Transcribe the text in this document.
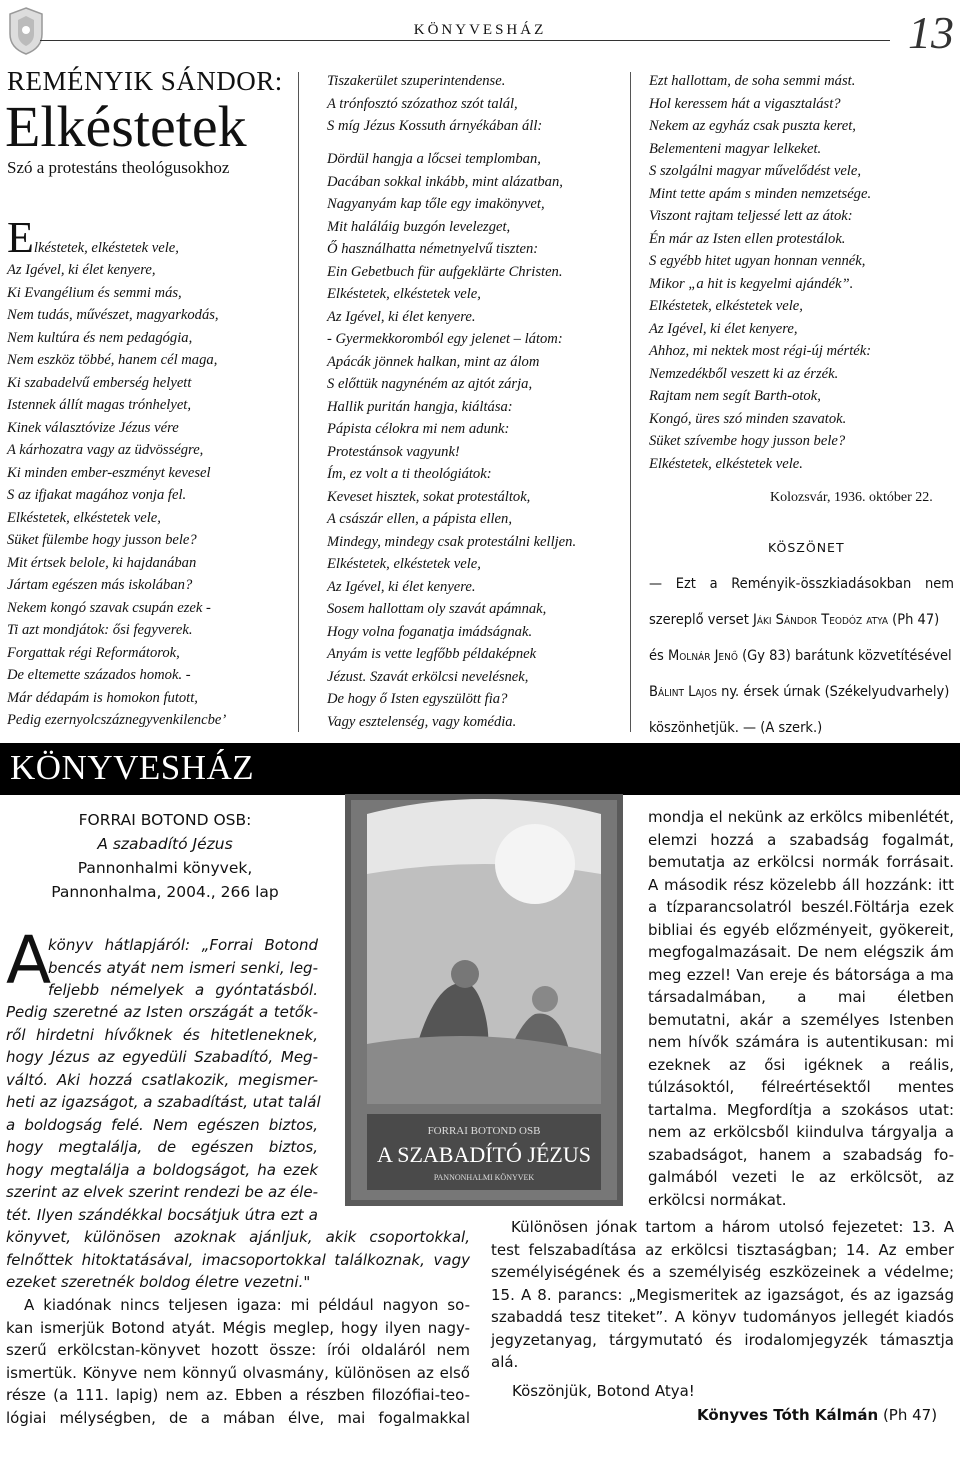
KÖNYVESHÁZ	13
REMÉNYIK SÁNDOR:
Elkéstetek
Szó a protestáns theológusokhoz
Elkéstetek, elkéstetek vele,
Az Igével, ki élet kenyere,
Ki Evangélium és semmi más,
Nem tudás, művészet, magyarkodás,
Nem kultúra és nem pedagógia,
Nem eszköz többé, hanem cél maga,
Ki szabadelvű emberség helyett
Istennek állít magas trónhelyet,
Kinek választóvize Jézus vére
A kárhozatra vagy az üdvösségre,
Ki minden ember-eszményt kevesel
S az ifjakat magához vonja fel.
Elkéstetek, elkéstetek vele,
Süket fülembe hogy jusson bele?
Mit értsek belole, ki hajdanában
Jártam egészen más iskolában?
Nekem kongó szavak csupán ezek -
Ti azt mondjátok: ősi fegyverek.
Forgattak régi Reformátorok,
De eltemette százados homok. -
Már dédapám is homokon futott,
Pedig ezernyolcszáznegyvenkilencbe’
Tiszakerület szuperintendense.
A trónfosztó szózathoz szót talál,
S míg Jézus Kossuth árnyékában áll:
Dördül hangja a lőcsei templomban,
Dacában sokkal inkább, mint alázatban,
Nagyanyám kap tőle egy imakönyvet,
Mit haláláig buzgón levelezget,
Ő használhatta németnyelvű tiszten:
Ein Gebetbuch für aufgeklärte Christen.
Elkéstetek, elkéstetek vele,
Az Igével, ki élet kenyere.
- Gyermekkoromból egy jelenet – látom:
Apácák jönnek halkan, mint az álom
S előttük nagynéném az ajtót zárja,
Hallik puritán hangja, kiáltása:
Pápista célokra mi nem adunk:
Protestánsok vagyunk!
Ím, ez volt a ti theológiátok:
Keveset hisztek, sokat protestáltok,
A császár ellen, a pápista ellen,
Mindegy, mindegy csak protestálni kelljen.
Elkéstetek, elkéstetek vele,
Az Igével, ki élet kenyere.
Sosem hallottam oly szavát apámnak,
Hogy volna foganatja imádságnak.
Anyám is vette legfőbb példaképnek
Jézust. Szavát erkölcsi nevelésnek,
De hogy ő Isten egyszülött fia?
Vagy esztelenség, vagy komédia.
Ezt hallottam, de soha semmi mást.
Hol keressem hát a vigasztalást?
Nekem az egyház csak puszta keret,
Belementeni magyar lelkeket.
S szolgálni magyar művelődést vele,
Mint tette apám s minden nemzetsége.
Viszont rajtam teljessé lett az átok:
Én már az Isten ellen protestálok.
S egyébb hitet ugyan honnan vennék,
Mikor „a hit is kegyelmi ajándék”.
Elkéstetek, elkéstetek vele,
Az Igével, ki élet kenyere,
Ahhoz, mi nektek most régi-új mérték:
Nemzedékből veszett ki az érzék.
Rajtam nem segít Barth-otok,
Kongó, üres szó minden szavatok.
Süket szívembe hogy jusson bele?
Elkéstetek, elkéstetek vele.
Kolozsvár, 1936. október 22.
KÖSZÖNET
— Ezt a Reményik-összkiadásokban nem
szereplő verset Jáki Sándor Teodóz atya (Ph 47)
és Molnár Jenő (Gy 83) barátunk közvetítésével
Bálint Lajos ny. érsek úrnak (Székelyudvarhely)
köszönhetjük. — (A szerk.)
KÖNYVESHÁZ
FORRAI BOTOND OSB:
A szabadító Jézus
Pannonhalmi könyvek,
Pannonhalma, 2004., 266 lap
FORRAI BOTOND OSB
A SZABADÍTÓ JÉZUS
PANNONHALMI KÖNYVEK
A
könyv hátlapjáról: „Forrai Botond
bencés atyát nem ismeri senki, leg-
feljebb némelyek a gyóntatásból.
Pedig szeretné az Isten országát a tetők-
ről hirdetni hívőknek és hitetleneknek,
hogy Jézus az egyedüli Szabadító, Meg-
váltó. Aki hozzá csatlakozik, megismer-
heti az igazságot, a szabadítást, utat talál
a boldogság felé. Nem egészen biztos,
hogy megtalálja, de egészen biztos,
hogy megtalálja a boldogságot, ha ezek
szerint az elvek szerint rendezi be az éle-
tét. Ilyen szándékkal bocsátjuk útra ezt a
könyvet, különösen azoknak ajánljuk, akik csoportokkal,
felnőttek hitoktatásával, imacsoportokkal találkoznak, vagy
ezeket szeretnék boldog életre vezetni."
A kiadónak nincs teljesen igaza: mi például nagyon so-
kan ismerjük Botond atyát. Mégis meglep, hogy ilyen nagy-
szerű erkölcstan-könyvet hozott össze: írói oldaláról nem
ismertük. Könyve nem könnyű olvasmány, különösen az első
része (a 111. lapig) nem az. Ebben a részben filozófiai-teo-
lógiai mélységben, de a mában élve, mai fogalmakkal
mondja el nekünk az erkölcs mibenlétét,
elemzi hozzá a szabadság fogalmát,
bemutatja az erkölcsi normák forrásait.
A második rész közelebb áll hozzánk: itt
a tízparancsolatról beszél.Föltárja ezek
bibliai és egyéb előzményeit, gyökereit,
megfogalmazásait. De nem elégszik ám
meg ezzel! Van ereje és bátorsága a ma
társadalmában, a mai életben
bemutatni, akár a személyes Istenben
nem hívők számára is autentikusan: mi
ezeknek az ősi igéknek a reális,
túlzásoktól, félreértésektől mentes
tartalma. Megfordítja a szokásos utat:
nem az erkölcsből kiindulva tárgyalja a
szabadságot, hanem a szabadság fo-
galmából vezeti le az erkölcsöt, az
erkölcsi normákat.
Különösen jónak tartom a három utolsó fejezetet: 13. A
test felszabadítása az erkölcsi tisztaságban; 14. Az ember
személyiségének és a személyiség eszközeinek a védelme;
15. A 8. parancs: „Megismeritek az igazságot, és az igazság
szabaddá tesz titeket”. A könyv tudományos jellegét kiadós
jegyzetanyag, tárgymutató és irodalomjegyzék támasztja
alá.
Köszönjük, Botond Atya!
Könyves Tóth Kálmán (Ph 47)
